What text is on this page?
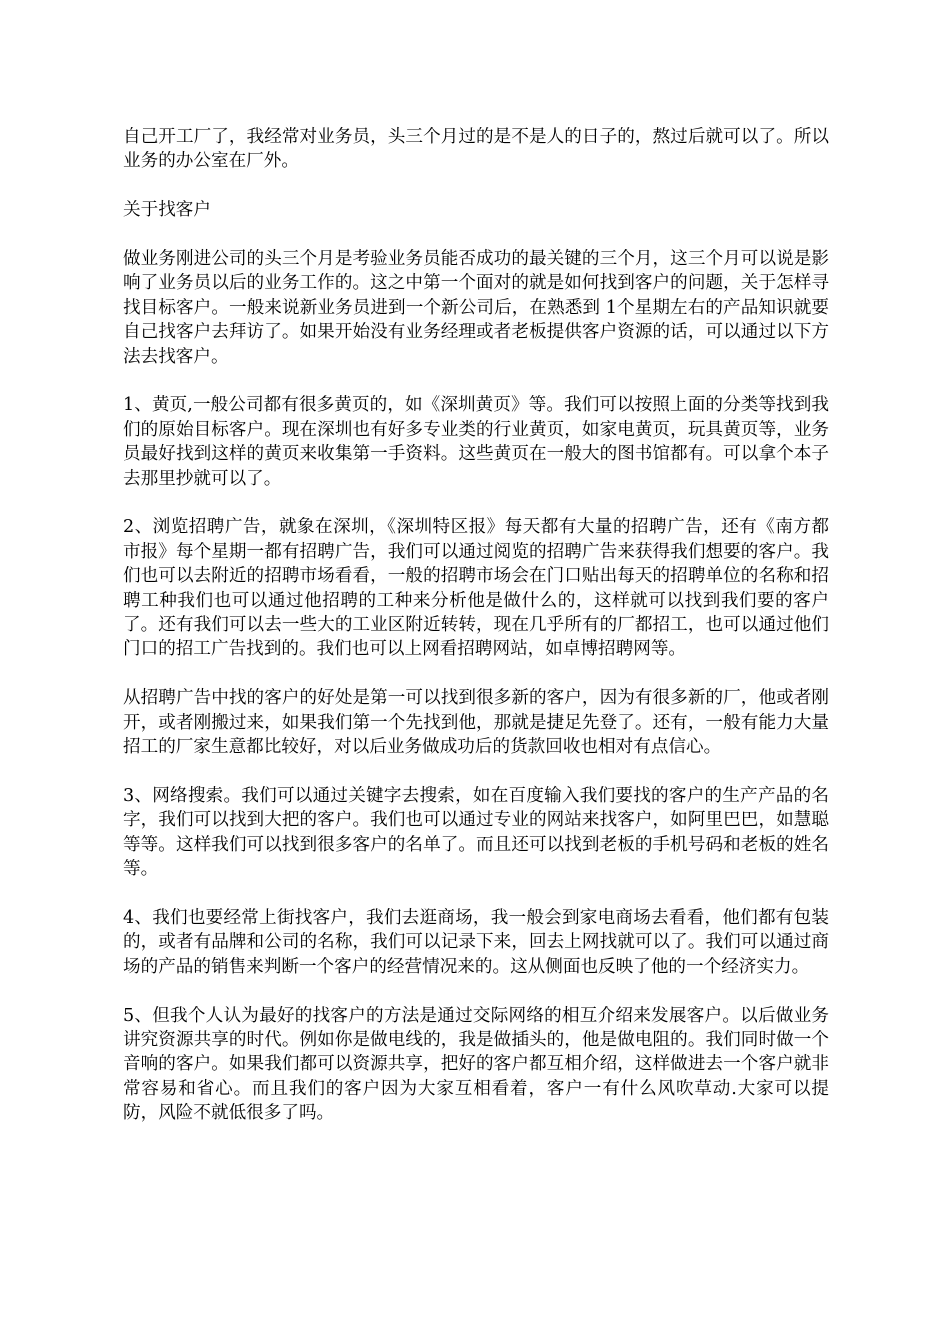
自己开工厂了，我经常对业务员，头三个月过的是不是人的日子的，熬过后就可以了。所以业务的办公室在厂外。

关于找客户

做业务刚进公司的头三个月是考验业务员能否成功的最关键的三个月，这三个月可以说是影响了业务员以后的业务工作的。这之中第一个面对的就是如何找到客户的问题，关于怎样寻找目标客户。一般来说新业务员进到一个新公司后，在熟悉到 1个星期左右的产品知识就要自己找客户去拜访了。如果开始没有业务经理或者老板提供客户资源的话，可以通过以下方法去找客户。

1、黄页,一般公司都有很多黄页的，如《深圳黄页》等。我们可以按照上面的分类等找到我们的原始目标客户。现在深圳也有好多专业类的行业黄页，如家电黄页，玩具黄页等，业务员最好找到这样的黄页来收集第一手资料。这些黄页在一般大的图书馆都有。可以拿个本子去那里抄就可以了。

2、浏览招聘广告，就象在深圳，《深圳特区报》每天都有大量的招聘广告，还有《南方都市报》每个星期一都有招聘广告，我们可以通过阅览的招聘广告来获得我们想要的客户。我们也可以去附近的招聘市场看看，一般的招聘市场会在门口贴出每天的招聘单位的名称和招聘工种我们也可以通过他招聘的工种来分析他是做什么的，这样就可以找到我们要的客户了。还有我们可以去一些大的工业区附近转转，现在几乎所有的厂都招工，也可以通过他们门口的招工广告找到的。我们也可以上网看招聘网站，如卓博招聘网等。

从招聘广告中找的客户的好处是第一可以找到很多新的客户，因为有很多新的厂，他或者刚开，或者刚搬过来，如果我们第一个先找到他，那就是捷足先登了。还有，一般有能力大量招工的厂家生意都比较好，对以后业务做成功后的货款回收也相对有点信心。

3、网络搜索。我们可以通过关键字去搜索，如在百度输入我们要找的客户的生产产品的名字，我们可以找到大把的客户。我们也可以通过专业的网站来找客户，如阿里巴巴，如慧聪等等。这样我们可以找到很多客户的名单了。而且还可以找到老板的手机号码和老板的姓名等。

4、我们也要经常上街找客户，我们去逛商场，我一般会到家电商场去看看，他们都有包装的，或者有品牌和公司的名称，我们可以记录下来，回去上网找就可以了。我们可以通过商场的产品的销售来判断一个客户的经营情况来的。这从侧面也反映了他的一个经济实力。

5、但我个人认为最好的找客户的方法是通过交际网络的相互介绍来发展客户。以后做业务讲究资源共享的时代。例如你是做电线的，我是做插头的，他是做电阻的。我们同时做一个音响的客户。如果我们都可以资源共享，把好的客户都互相介绍，这样做进去一个客户就非常容易和省心。而且我们的客户因为大家互相看着，客户一有什么风吹草动.大家可以提防，风险不就低很多了吗。
